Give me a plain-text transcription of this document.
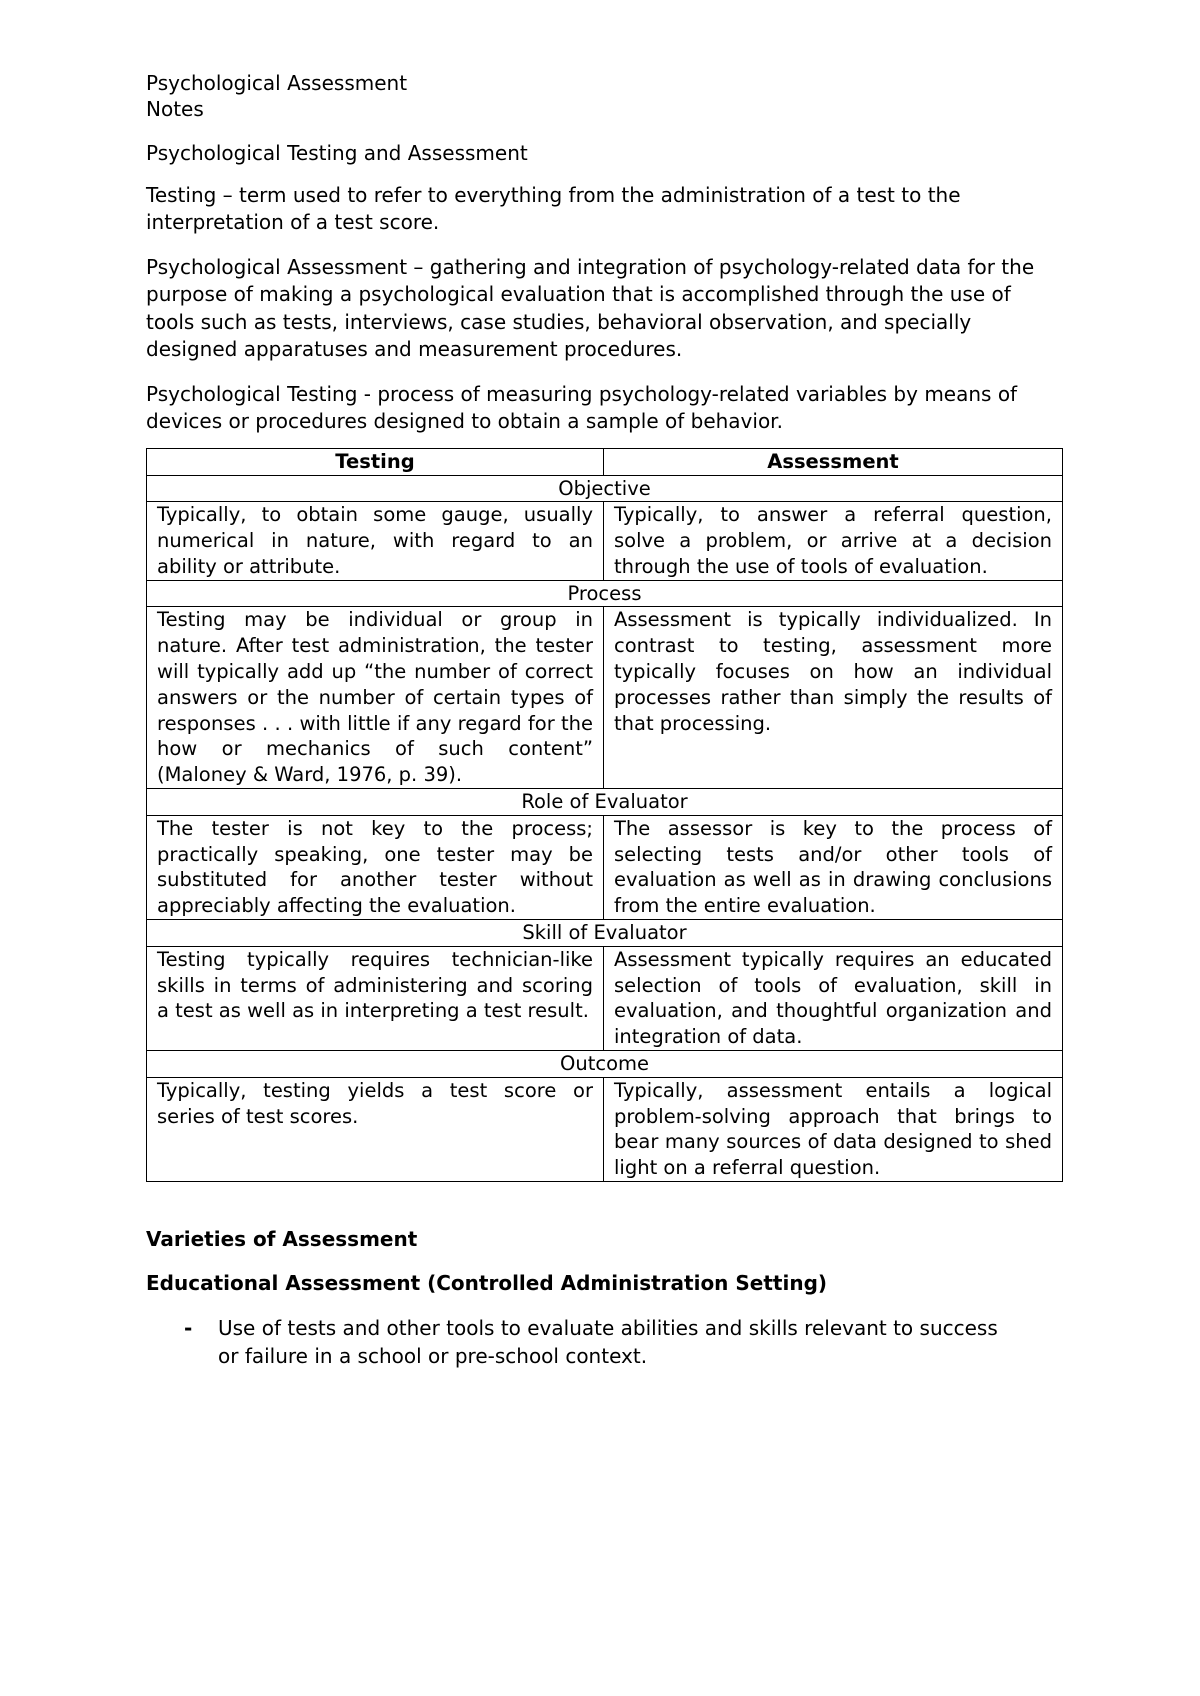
Psychological Assessment

Notes

Psychological Testing and Assessment

Testing – term used to refer to everything from the administration of a test to the interpretation of a test score.

Psychological Assessment – gathering and integration of psychology-related data for the purpose of making a psychological evaluation that is accomplished through the use of tools such as tests, interviews, case studies, behavioral observation, and specially designed apparatuses and measurement procedures.

Psychological Testing - process of measuring psychology-related variables by means of devices or procedures designed to obtain a sample of behavior.

Testing	Assessment
Objective	
Typically, to obtain some gauge, usually numerical in nature, with regard to an ability or attribute.	Typically, to answer a referral question, solve a problem, or arrive at a decision through the use of tools of evaluation.
Process	
Testing may be individual or group in nature. After test administration, the tester will typically add up “the number of correct answers or the number of certain types of responses . . . with little if any regard for the how or mechanics of such content” (Maloney & Ward, 1976, p. 39).	Assessment is typically individualized. In contrast to testing, assessment more typically focuses on how an individual processes rather than simply the results of that processing.
Role of Evaluator	
The tester is not key to the process; practically speaking, one tester may be substituted for another tester without appreciably affecting the evaluation.	The assessor is key to the process of selecting tests and/or other tools of evaluation as well as in drawing conclusions from the entire evaluation.
Skill of Evaluator	
Testing typically requires technician-like skills in terms of administering and scoring a test as well as in interpreting a test result.	Assessment typically requires an educated selection of tools of evaluation, skill in evaluation, and thoughtful organization and integration of data.
Outcome	
Typically, testing yields a test score or series of test scores.	Typically, assessment entails a logical problem-solving approach that brings to bear many sources of data designed to shed light on a referral question.

Varieties of Assessment

Educational Assessment (Controlled Administration Setting)

-	Use of tests and other tools to evaluate abilities and skills relevant to success or failure in a school or pre-school context.
